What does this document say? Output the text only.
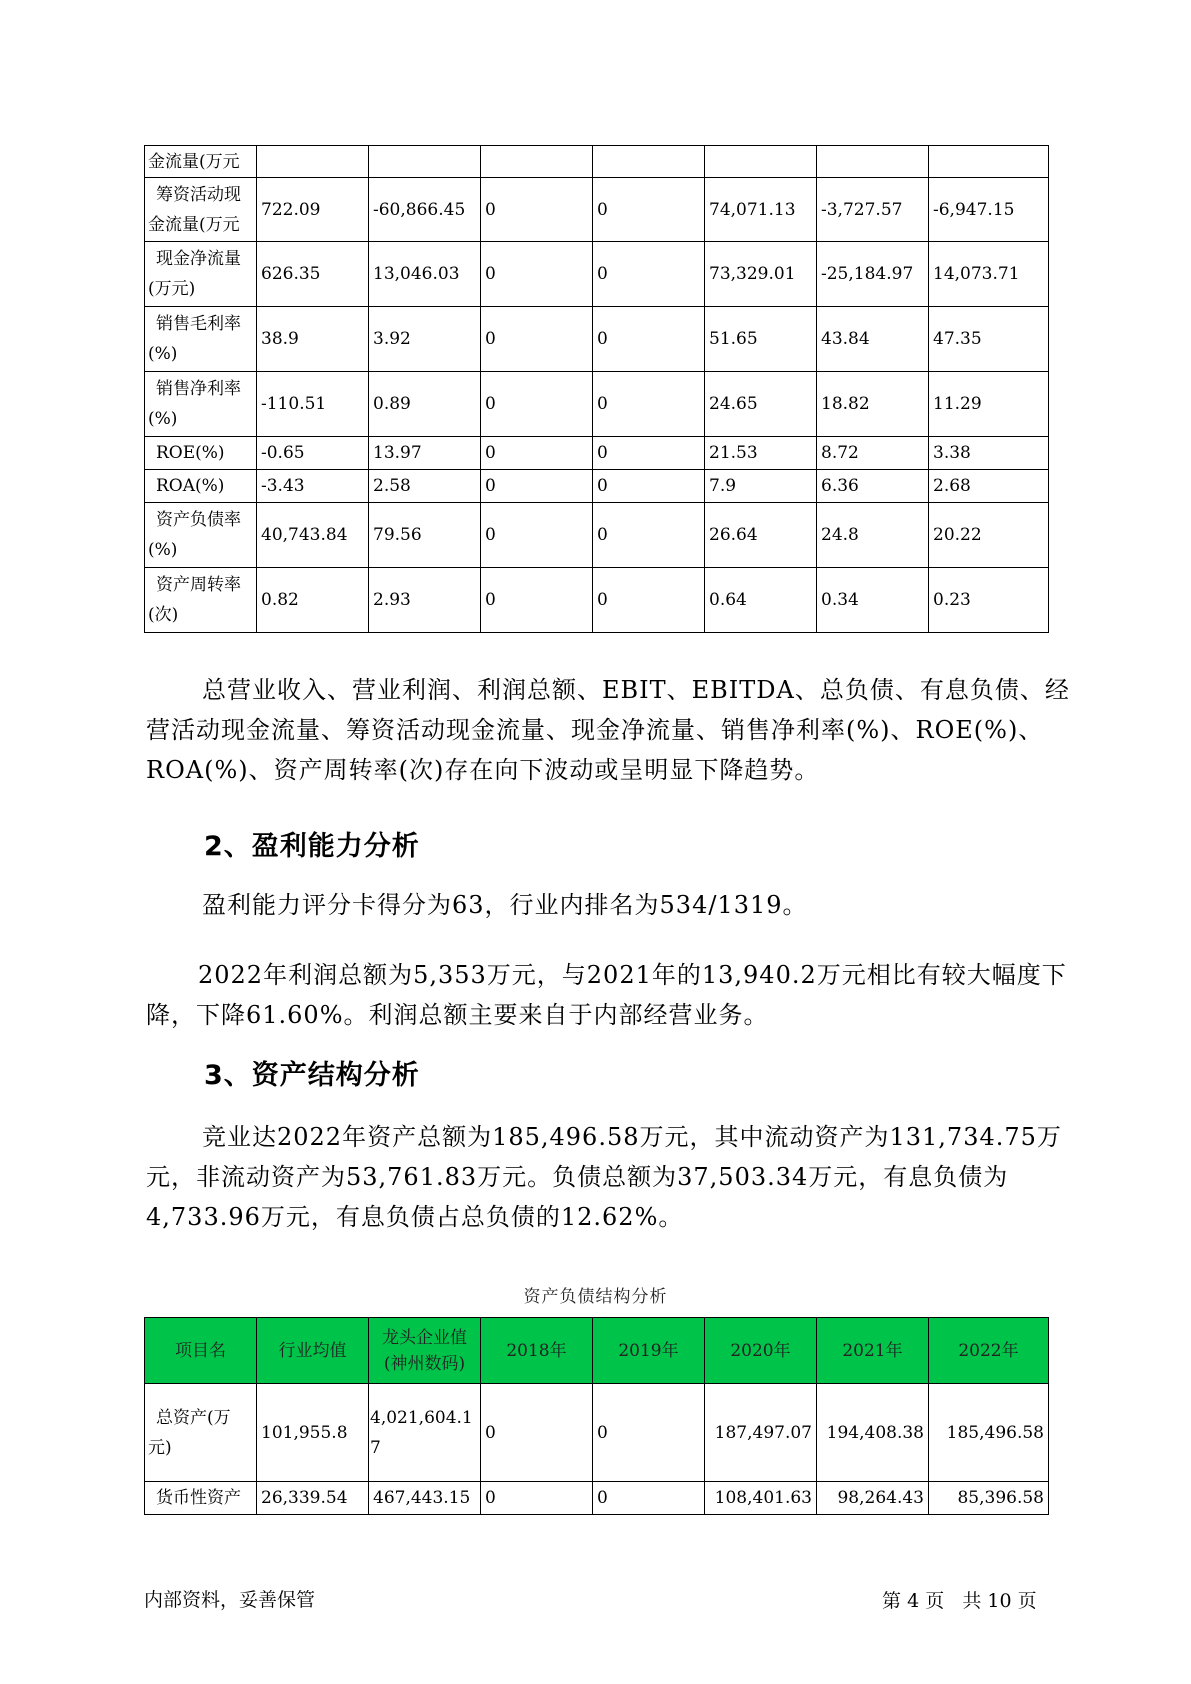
金流量(万元							
筹资活动现
金流量(万元	722.09	-60,866.45	0	0	74,071.13	-3,727.57	-6,947.15
现金净流量
(万元)	626.35	13,046.03	0	0	73,329.01	-25,184.97	14,073.71
销售毛利率
(%)	38.9	3.92	0	0	51.65	43.84	47.35
销售净利率
(%)	-110.51	0.89	0	0	24.65	18.82	11.29
ROE(%)	-0.65	13.97	0	0	21.53	8.72	3.38
ROA(%)	-3.43	2.58	0	0	7.9	6.36	2.68
资产负债率
(%)	40,743.84	79.56	0	0	26.64	24.8	20.22
资产周转率
(次)	0.82	2.93	0	0	0.64	0.34	0.23

总营业收入、营业利润、利润总额、EBIT、EBITDA、总负债、有息负债、经营活动现金流量、筹资活动现金流量、现金净流量、销售净利率(%)、ROE(%)、ROA(%)、资产周转率(次)存在向下波动或呈明显下降趋势。

2、盈利能力分析

盈利能力评分卡得分为63，行业内排名为534/1319。

2022年利润总额为5,353万元，与2021年的13,940.2万元相比有较大幅度下降，下降61.60%。利润总额主要来自于内部经营业务。

3、资产结构分析

竞业达2022年资产总额为185,496.58万元，其中流动资产为131,734.75万元，非流动资产为53,761.83万元。负债总额为37,503.34万元，有息负债为4,733.96万元，有息负债占总负债的12.62%。

资产负债结构分析
项目名	行业均值	龙头企业值
(神州数码)	2018年	2019年	2020年	2021年	2022年
总资产(万
元)	101,955.8	4,021,604.1
7	0	0	187,497.07	194,408.38	185,496.58
货币性资产	26,339.54	467,443.15	0	0	108,401.63	98,264.43	85,396.58
内部资料，妥善保管	第 4 页 共 10 页
